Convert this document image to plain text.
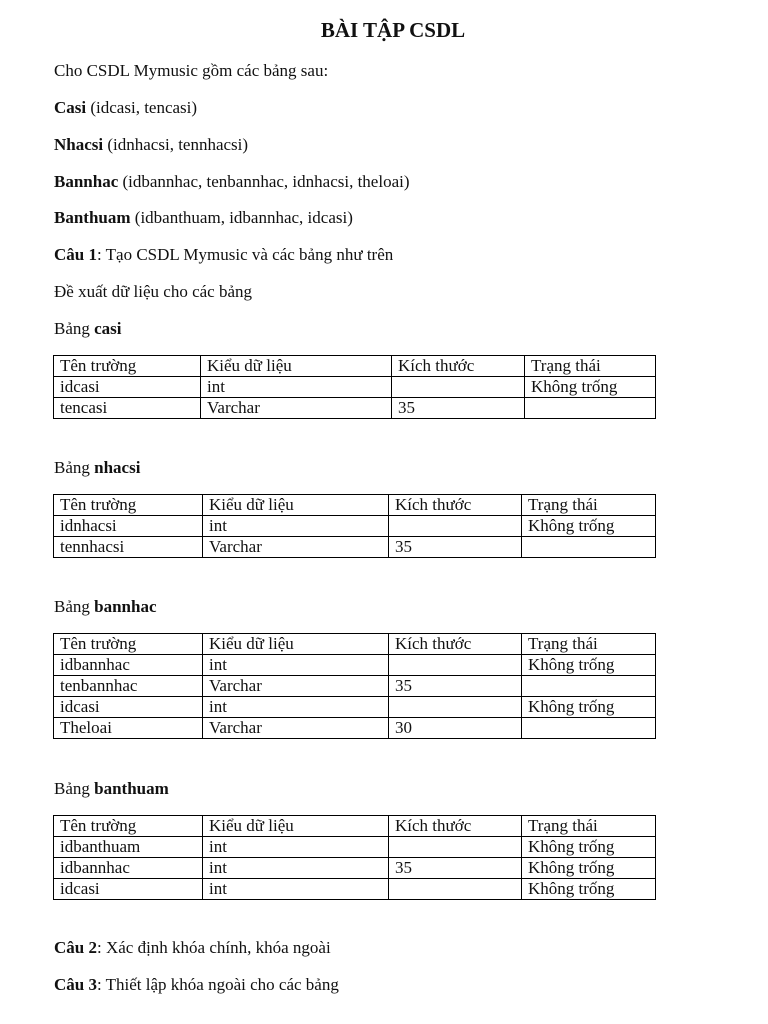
BÀI TẬP CSDL
Cho CSDL Mymusic gồm các bảng sau:
Casi (idcasi, tencasi)
Nhacsi (idnhacsi, tennhacsi)
Bannhac (idbannhac, tenbannhac, idnhacsi, theloai)
Banthuam (idbanthuam, idbannhac, idcasi)
Câu 1: Tạo CSDL Mymusic và các bảng như trên
Đề xuất dữ liệu cho các bảng
Bảng casi
Tên trường	Kiểu dữ liệu	Kích thước	Trạng thái
idcasi	int		Không trống
tencasi	Varchar	35	
Bảng nhacsi
Tên trường	Kiểu dữ liệu	Kích thước	Trạng thái
idnhacsi	int		Không trống
tennhacsi	Varchar	35	
Bảng bannhac
Tên trường	Kiểu dữ liệu	Kích thước	Trạng thái
idbannhac	int		Không trống
tenbannhac	Varchar	35	
idcasi	int		Không trống
Theloai	Varchar	30	
Bảng banthuam
Tên trường	Kiểu dữ liệu	Kích thước	Trạng thái
idbanthuam	int		Không trống
idbannhac	int	35	Không trống
idcasi	int		Không trống
Câu 2: Xác định khóa chính, khóa ngoài
Câu 3: Thiết lập khóa ngoài cho các bảng
